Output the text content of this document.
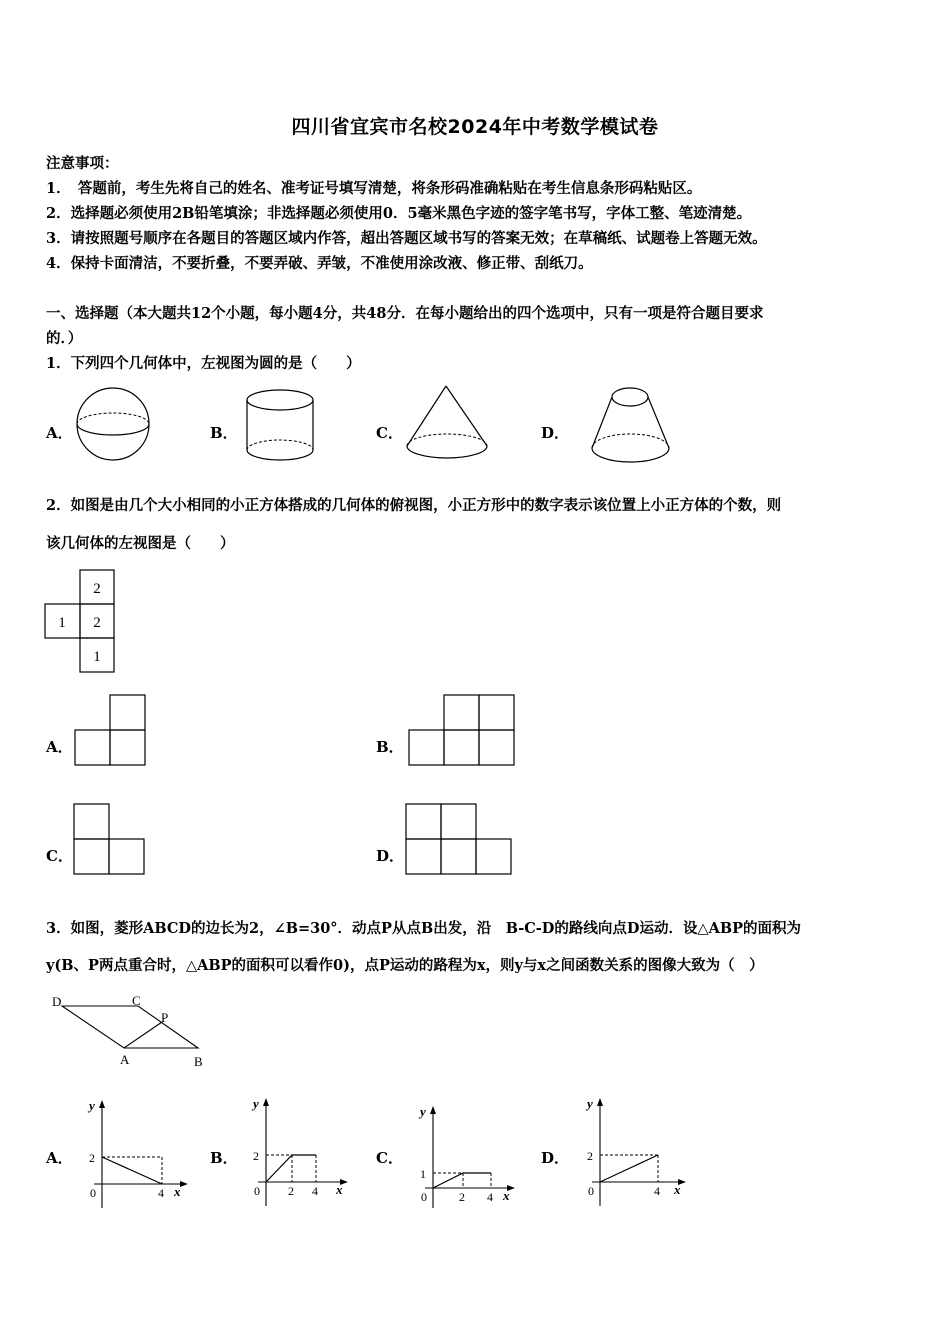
四川省宜宾市名校2024年中考数学模试卷
注意事项：
1．　答题前，考生先将自己的姓名、准考证号填写清楚，将条形码准确粘贴在考生信息条形码粘贴区。
2．选择题必须使用2B铅笔填涂；非选择题必须使用0．5毫米黑色字迹的签字笔书写，字体工整、笔迹清楚。
3．请按照题号顺序在各题目的答题区域内作答，超出答题区域书写的答案无效；在草稿纸、试题卷上答题无效。
4．保持卡面清洁，不要折叠，不要弄破、弄皱，不准使用涂改液、修正带、刮纸刀。
一、选择题（本大题共12个小题，每小题4分，共48分．在每小题给出的四个选项中，只有一项是符合题目要求
的．）
1．下列四个几何体中，左视图为圆的是（　　）
A．	B．	C．	D．
2．如图是由几个大小相同的小正方体搭成的几何体的俯视图，小正方形中的数字表示该位置上小正方体的个数，则
该几何体的左视图是（　　）
2
1 2
1
A．	B．
C．	D．
3．如图，菱形ABCD的边长为2，∠B=30°．动点P从点B出发，沿　B-C-D的路线向点D运动．设△ABP的面积为
y(B、P两点重合时，△ABP的面积可以看作0)，点P运动的路程为x，则y与x之间函数关系的图像大致为（　）
D	C
P
A	B
A．
y
x
0
2
4
B．
y
x
0
2
2 4
C．
y
x
0
1
2 4
D．
y
x
0
2
4
